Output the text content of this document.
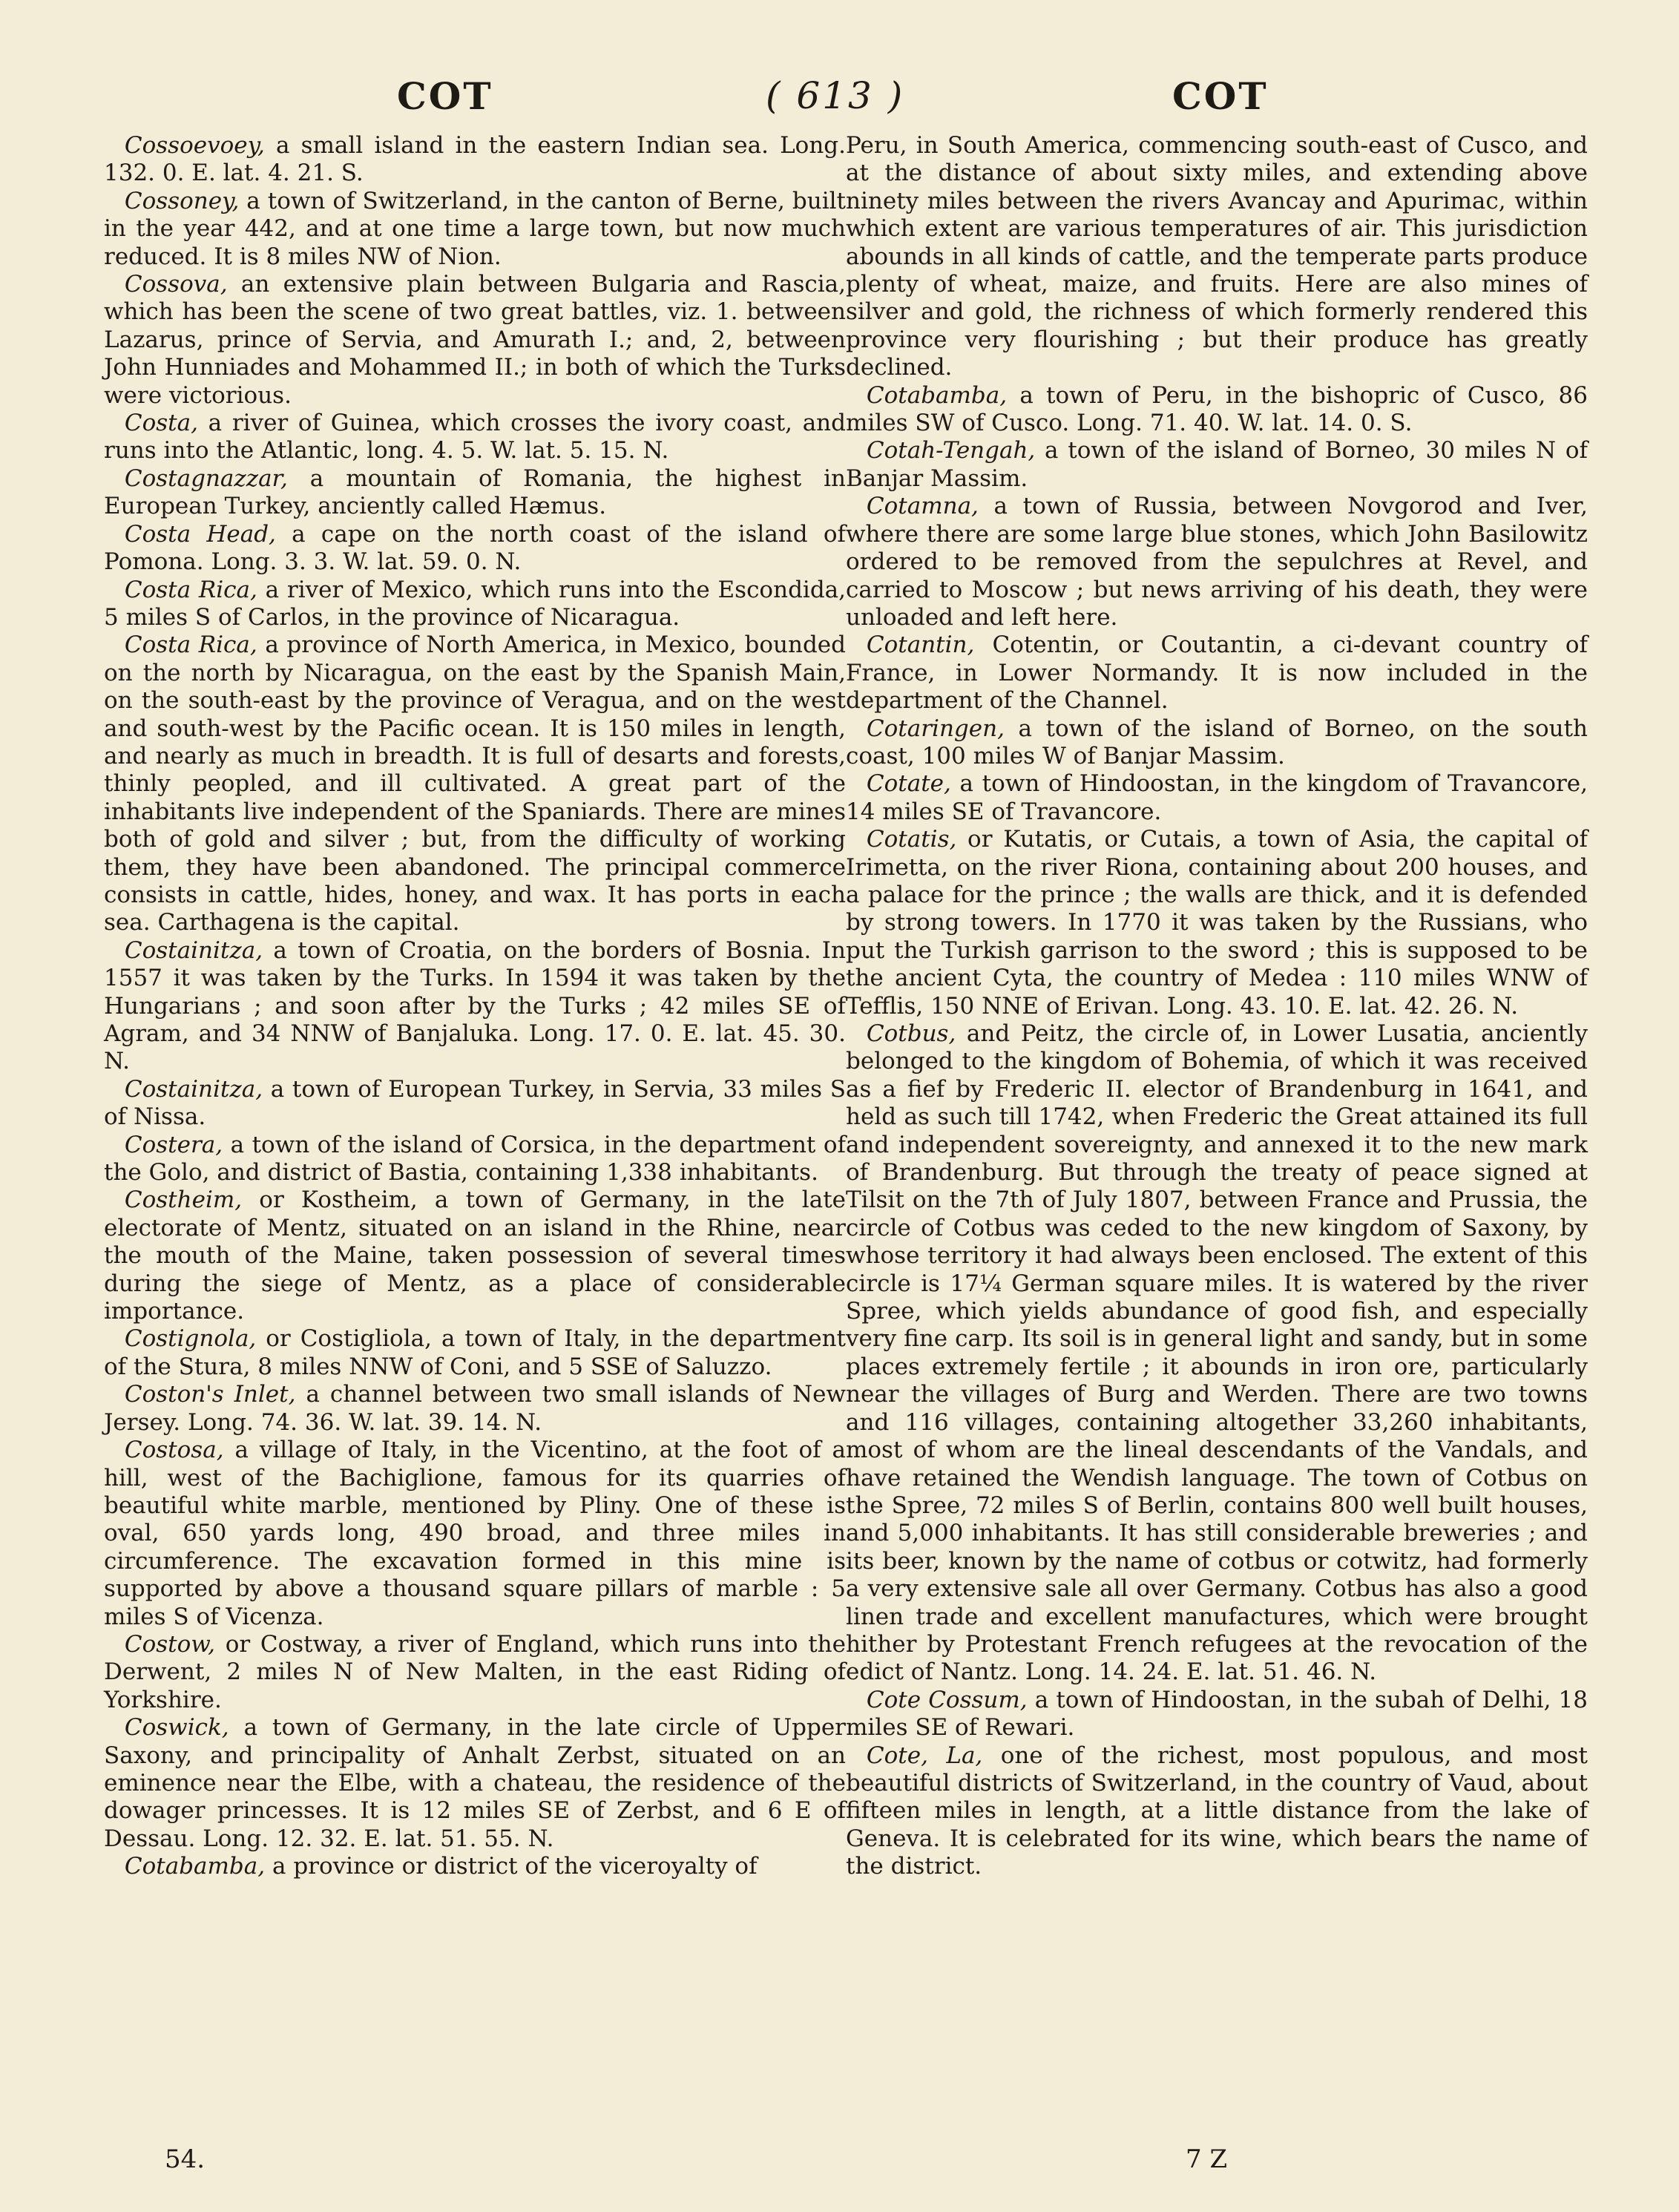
COT	( 613 )	COT

Cossoevoey, a small island in the eastern Indian sea. Long. 132. 0. E. lat. 4. 21. S.

Cossoney, a town of Switzerland, in the canton of Berne, built in the year 442, and at one time a large town, but now much reduced. It is 8 miles NW of Nion.

Cossova, an extensive plain between Bulgaria and Rascia, which has been the scene of two great battles, viz. 1. between Lazarus, prince of Servia, and Amurath I.; and, 2, between John Hunniades and Mohammed II.; in both of which the Turks were victorious.

Costa, a river of Guinea, which crosses the ivory coast, and runs into the Atlantic, long. 4. 5. W. lat. 5. 15. N.

Costagnazzar, a mountain of Romania, the highest in European Turkey, anciently called Hæmus.

Costa Head, a cape on the north coast of the island of Pomona. Long. 3. 3. W. lat. 59. 0. N.

Costa Rica, a river of Mexico, which runs into the Escondida, 5 miles S of Carlos, in the province of Nicaragua.

Costa Rica, a province of North America, in Mexico, bounded on the north by Nicaragua, on the east by the Spanish Main, on the south-east by the province of Veragua, and on the west and south-west by the Pacific ocean. It is 150 miles in length, and nearly as much in breadth. It is full of desarts and forests, thinly peopled, and ill cultivated. A great part of the inhabitants live independent of the Spaniards. There are mines both of gold and silver ; but, from the difficulty of working them, they have been abandoned. The principal commerce consists in cattle, hides, honey, and wax. It has ports in each sea. Carthagena is the capital.

Costainitza, a town of Croatia, on the borders of Bosnia. In 1557 it was taken by the Turks. In 1594 it was taken by the Hungarians ; and soon after by the Turks ; 42 miles SE of Agram, and 34 NNW of Banjaluka. Long. 17. 0. E. lat. 45. 30. N.

Costainitza, a town of European Turkey, in Servia, 33 miles S of Nissa.

Costera, a town of the island of Corsica, in the department of the Golo, and district of Bastia, containing 1,338 inhabitants.

Costheim, or Kostheim, a town of Germany, in the late electorate of Mentz, situated on an island in the Rhine, near the mouth of the Maine, taken possession of several times during the siege of Mentz, as a place of considerable importance.

Costignola, or Costigliola, a town of Italy, in the department of the Stura, 8 miles NNW of Coni, and 5 SSE of Saluzzo.

Coston's Inlet, a channel between two small islands of New Jersey. Long. 74. 36. W. lat. 39. 14. N.

Costosa, a village of Italy, in the Vicentino, at the foot of a hill, west of the Bachiglione, famous for its quarries of beautiful white marble, mentioned by Pliny. One of these is oval, 650 yards long, 490 broad, and three miles in circumference. The excavation formed in this mine is supported by above a thousand square pillars of marble : 5 miles S of Vicenza.

Costow, or Costway, a river of England, which runs into the Derwent, 2 miles N of New Malten, in the east Riding of Yorkshire.

Coswick, a town of Germany, in the late circle of Upper Saxony, and principality of Anhalt Zerbst, situated on an eminence near the Elbe, with a chateau, the residence of the dowager princesses. It is 12 miles SE of Zerbst, and 6 E of Dessau. Long. 12. 32. E. lat. 51. 55. N.

Cotabamba, a province or district of the viceroyalty of

Peru, in South America, commencing south-east of Cusco, and at the distance of about sixty miles, and extending above ninety miles between the rivers Avancay and Apurimac, within which extent are various temperatures of air. This jurisdiction abounds in all kinds of cattle, and the temperate parts produce plenty of wheat, maize, and fruits. Here are also mines of silver and gold, the richness of which formerly rendered this province very flourishing ; but their produce has greatly declined.

Cotabamba, a town of Peru, in the bishopric of Cusco, 86 miles SW of Cusco. Long. 71. 40. W. lat. 14. 0. S.

Cotah-Tengah, a town of the island of Borneo, 30 miles N of Banjar Massim.

Cotamna, a town of Russia, between Novgorod and Iver, where there are some large blue stones, which John Basilowitz ordered to be removed from the sepulchres at Revel, and carried to Moscow ; but news arriving of his death, they were unloaded and left here.

Cotantin, Cotentin, or Coutantin, a ci-devant country of France, in Lower Normandy. It is now included in the department of the Channel.

Cotaringen, a town of the island of Borneo, on the south coast, 100 miles W of Banjar Massim.

Cotate, a town of Hindoostan, in the kingdom of Travancore, 14 miles SE of Travancore.

Cotatis, or Kutatis, or Cutais, a town of Asia, the capital of Irimetta, on the river Riona, containing about 200 houses, and a palace for the prince ; the walls are thick, and it is defended by strong towers. In 1770 it was taken by the Russians, who put the Turkish garrison to the sword ; this is supposed to be the ancient Cyta, the country of Medea : 110 miles WNW of Tefflis, 150 NNE of Erivan. Long. 43. 10. E. lat. 42. 26. N.

Cotbus, and Peitz, the circle of, in Lower Lusatia, anciently belonged to the kingdom of Bohemia, of which it was received as a fief by Frederic II. elector of Brandenburg in 1641, and held as such till 1742, when Frederic the Great attained its full and independent sovereignty, and annexed it to the new mark of Brandenburg. But through the treaty of peace signed at Tilsit on the 7th of July 1807, between France and Prussia, the circle of Cotbus was ceded to the new kingdom of Saxony, by whose territory it had always been enclosed. The extent of this circle is 17¼ German square miles. It is watered by the river Spree, which yields abundance of good fish, and especially very fine carp. Its soil is in general light and sandy, but in some places extremely fertile ; it abounds in iron ore, particularly near the villages of Burg and Werden. There are two towns and 116 villages, containing altogether 33,260 inhabitants, most of whom are the lineal descendants of the Vandals, and have retained the Wendish language. The town of Cotbus on the Spree, 72 miles S of Berlin, contains 800 well built houses, and 5,000 inhabitants. It has still considerable breweries ; and its beer, known by the name of cotbus or cotwitz, had formerly a very extensive sale all over Germany. Cotbus has also a good linen trade and excellent manufactures, which were brought hither by Protestant French refugees at the revocation of the edict of Nantz. Long. 14. 24. E. lat. 51. 46. N.

Cote Cossum, a town of Hindoostan, in the subah of Delhi, 18 miles SE of Rewari.

Cote, La, one of the richest, most populous, and most beautiful districts of Switzerland, in the country of Vaud, about fifteen miles in length, at a little distance from the lake of Geneva. It is celebrated for its wine, which bears the name of the district.

54.	7 Z
